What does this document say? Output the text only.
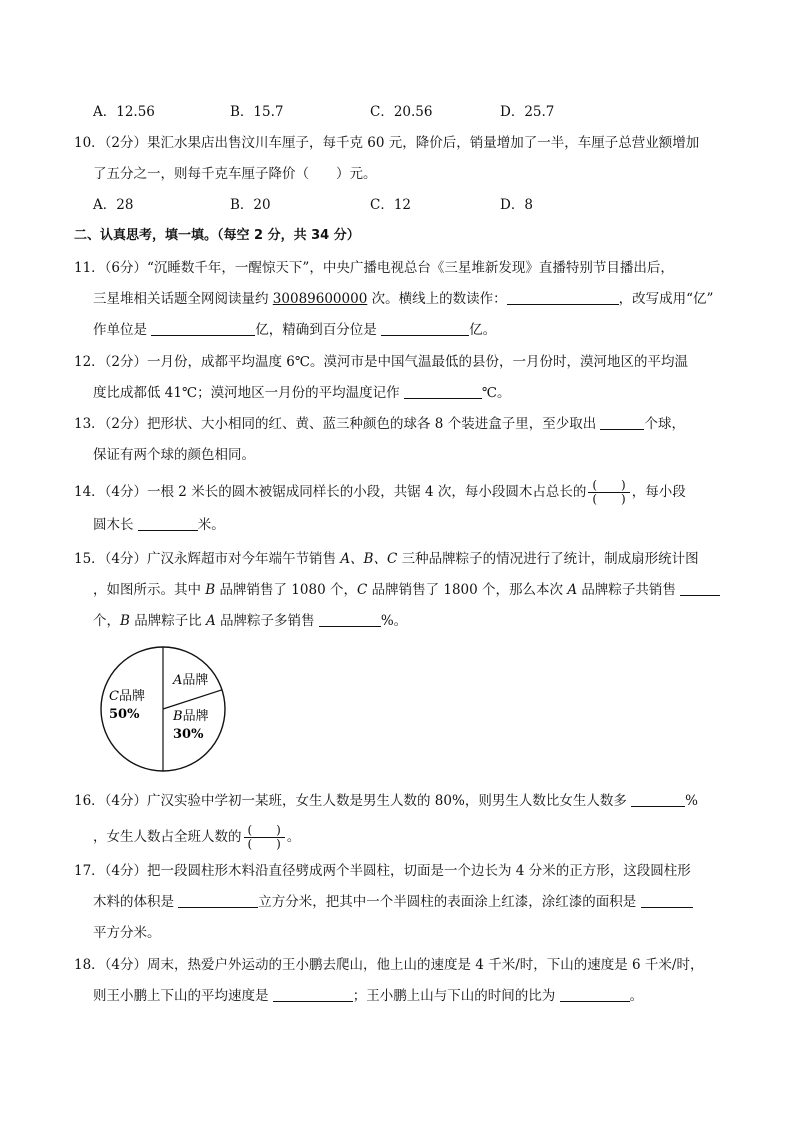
A．12.56	B．15.7	C．20.56	D．25.7
10．（2分）果汇水果店出售汶川车厘子，每千克 60 元，降价后，销量增加了一半，车厘子总营业额增加
了五分之一，则每千克车厘子降价（　　）元。
A．28	B．20	C．12	D．8
二、认真思考，填一填。（每空 2 分，共 34 分）
11．（6分）“沉睡数千年，一醒惊天下”，中央广播电视总台《三星堆新发现》直播特别节目播出后，
三星堆相关话题全网阅读量约 30089600000 次。横线上的数读作：	，改写成用“亿”
作单位是	亿，精确到百分位是	亿。
12．（2分）一月份，成都平均温度 6℃。漠河市是中国气温最低的县份，一月份时，漠河地区的平均温
度比成都低 41℃；漠河地区一月份的平均温度记作	℃。
13．（2分）把形状、大小相同的红、黄、蓝三种颜色的球各 8 个装进盒子里，至少取出	个球，
保证有两个球的颜色相同。
14．（4分）一根 2 米长的圆木被锯成同样长的小段，共锯 4 次，每小段圆木占总长的 $\frac{( )}{( )}$ ，每小段
圆木长	米。
15．（4分）广汉永辉超市对今年端午节销售 A、B、C 三种品牌粽子的情况进行了统计，制成扇形统计图
，如图所示。其中 B 品牌销售了 1080 个，C 品牌销售了 1800 个，那么本次 A 品牌粽子共销售
个，B 品牌粽子比 A 品牌粽子多销售	%。
C品牌
50%
A品牌
B品牌
30%
16．（4分）广汉实验中学初一某班，女生人数是男生人数的 80%，则男生人数比女生人数多	%
，女生人数占全班人数的 $\frac{( )}{( )}$ 。
17．（4分）把一段圆柱形木料沿直径劈成两个半圆柱，切面是一个边长为 4 分米的正方形，这段圆柱形
木料的体积是	立方分米，把其中一个半圆柱的表面涂上红漆，涂红漆的面积是
平方分米。
18．（4分）周末，热爱户外运动的王小鹏去爬山，他上山的速度是 4 千米/时，下山的速度是 6 千米/时，
则王小鹏上下山的平均速度是	；王小鹏上山与下山的时间的比为	。
